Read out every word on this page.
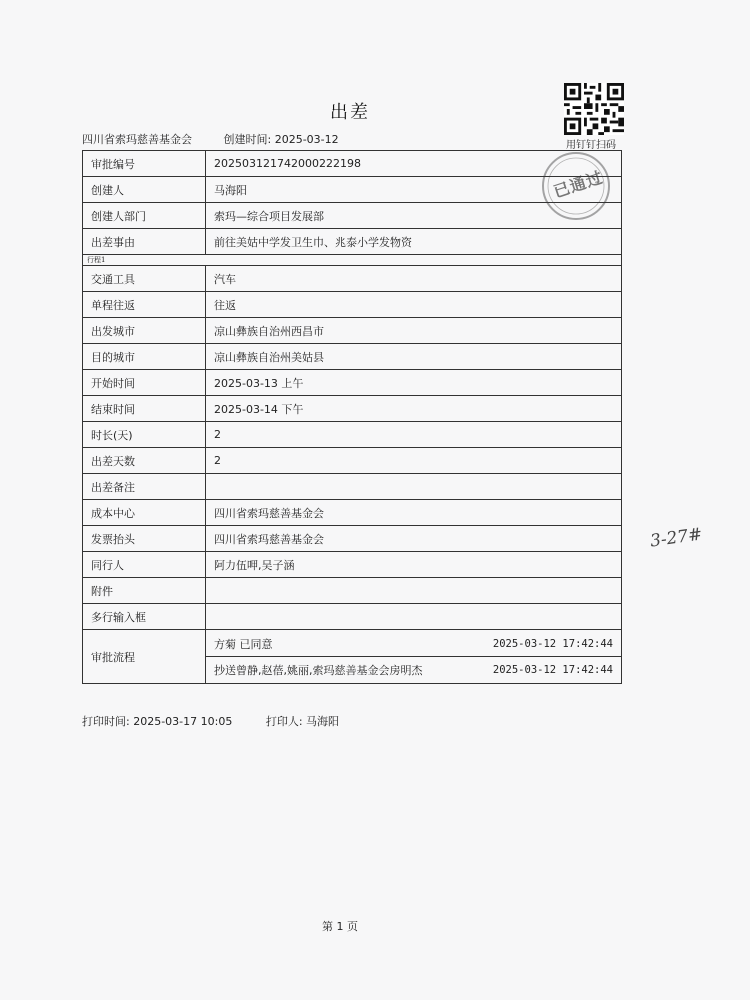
出差
四川省索玛慈善基金会	创建时间: 2025-03-12	用钉钉扫码
已通过
审批编号	202503121742000222198
创建人	马海阳
创建人部门	索玛—综合项目发展部
出差事由	前往美姑中学发卫生巾、兆泰小学发物资
行程1	
交通工具	汽车
单程往返	往返
出发城市	凉山彝族自治州西昌市
目的城市	凉山彝族自治州美姑县
开始时间	2025-03-13 上午
结束时间	2025-03-14 下午
时长(天)	2
出差天数	2
出差备注	
成本中心	四川省索玛慈善基金会
发票抬头	四川省索玛慈善基金会
同行人	阿力伍呷,吴子涵
附件	
多行输入框	
审批流程	方菊 已同意 2025-03-12 17:42:44
抄送曾静,赵蓓,姚丽,索玛慈善基金会房明杰 2025-03-12 17:42:44
打印时间: 2025-03-17 10:05	打印人: 马海阳
3-27#
第 1 页
